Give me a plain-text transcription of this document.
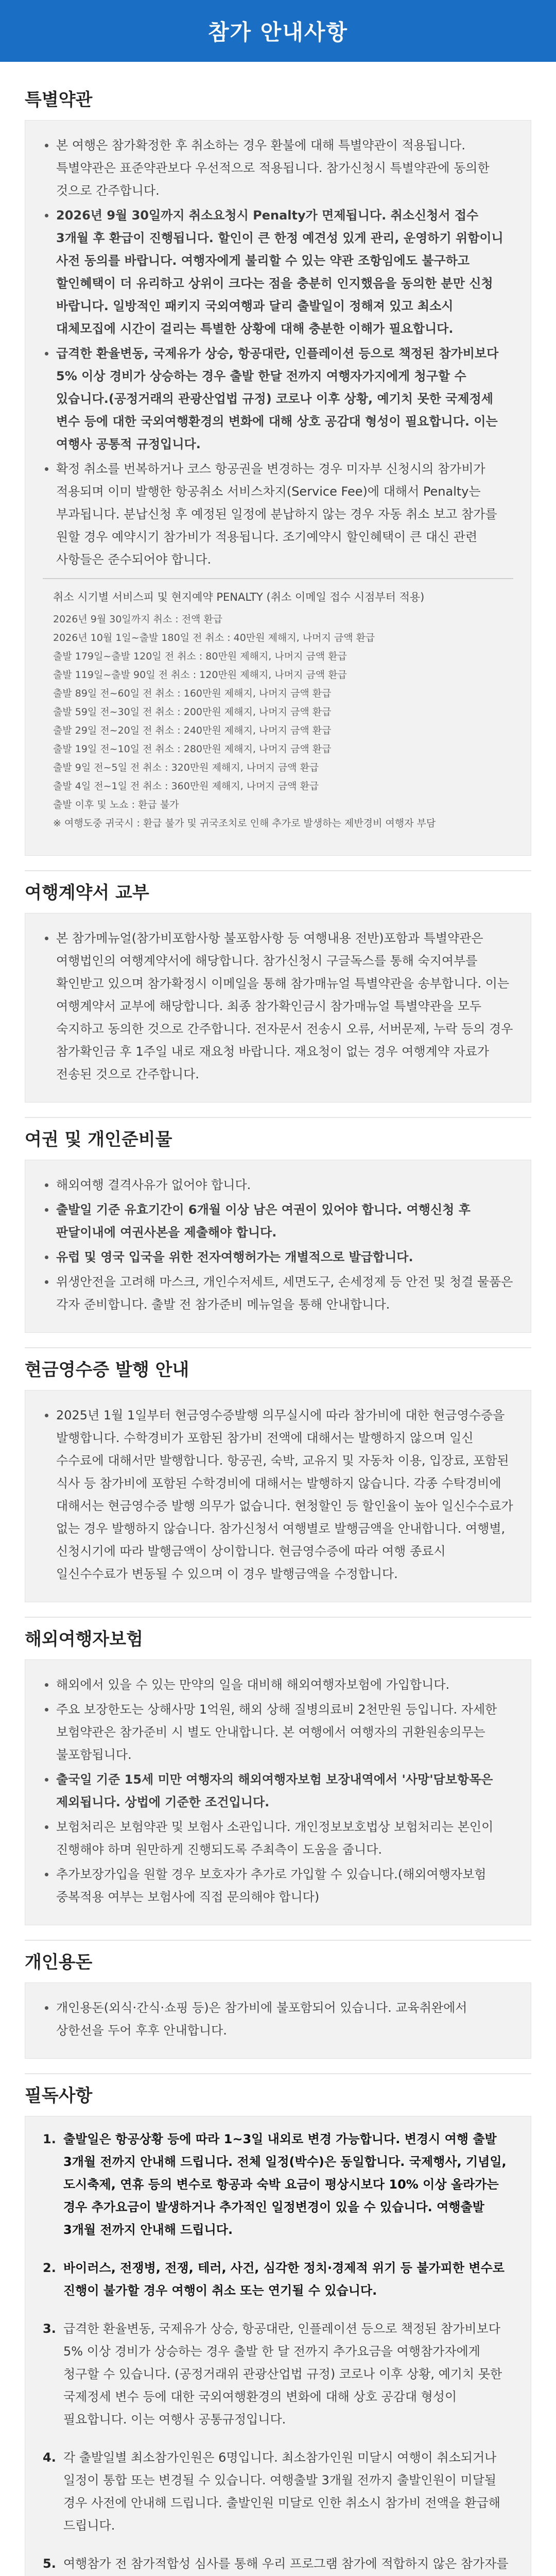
참가 안내사항
특별약관
본 여행은 참가확정한 후 취소하는 경우 환불에 대해 특별약관이 적용됩니다. 특별약관은 표준약관보다 우선적으로 적용됩니다. 참가신청시 특별약관에 동의한 것으로 간주합니다.
2026년 9월 30일까지 취소요청시 Penalty가 면제됩니다. 취소신청서 접수 3개월 후 환급이 진행됩니다. 할인이 큰 한정 예견성 있게 관리, 운영하기 위함이니 사전 동의를 바랍니다. 여행자에게 불리할 수 있는 약관 조항임에도 불구하고 할인혜택이 더 유리하고 상위이 크다는 점을 충분히 인지했음을 동의한 분만 신청 바랍니다. 일방적인 패키지 국외여행과 달리 출발일이 정해져 있고 최소시 대체모집에 시간이 걸리는 특별한 상황에 대해 충분한 이해가 필요합니다.
급격한 환율변동, 국제유가 상승, 항공대란, 인플레이션 등으로 책정된 참가비보다 5% 이상 경비가 상승하는 경우 출발 한달 전까지 여행자가지에게 청구할 수 있습니다.(공정거래의 관광산업법 규정) 코로나 이후 상황, 예기치 못한 국제정세 변수 등에 대한 국외여행환경의 변화에 대해 상호 공감대 형성이 필요합니다. 이는 여행사 공통적 규정입니다.
확정 취소를 번복하거나 코스 항공권을 변경하는 경우 미자부 신청시의 참가비가 적용되며 이미 발행한 항공취소 서비스차지(Service Fee)에 대해서 Penalty는 부과됩니다. 분납신청 후 예정된 일정에 분납하지 않는 경우 자동 취소 보고 참가를 원할 경우 예약시기 참가비가 적용됩니다. 조기예약시 할인혜택이 큰 대신 관련 사항들은 준수되어야 합니다.
취소 시기별 서비스피 및 현지예약 PENALTY (취소 이메일 접수 시점부터 적용)
2026년 9월 30일까지 취소 : 전액 환급
2026년 10월 1일~출발 180일 전 취소 : 40만원 제해지, 나머지 금액 환급
출발 179일~출발 120일 전 취소 : 80만원 제해지, 나머지 금액 환급
출발 119일~출발 90일 전 취소 : 120만원 제해지, 나머지 금액 환급
출발 89일 전~60일 전 취소 : 160만원 제해지, 나머지 금액 환급
출발 59일 전~30일 전 취소 : 200만원 제해지, 나머지 금액 환급
출발 29일 전~20일 전 취소 : 240만원 제해지, 나머지 금액 환급
출발 19일 전~10일 전 취소 : 280만원 제해지, 나머지 금액 환급
출발 9일 전~5일 전 취소 : 320만원 제해지, 나머지 금액 환급
출발 4일 전~1일 전 취소 : 360만원 제해지, 나머지 금액 환급
출발 이후 및 노쇼 : 환급 불가
※ 여행도중 귀국시 : 환급 불가 및 귀국조치로 인해 추가로 발생하는 제반경비 여행자 부담
여행계약서 교부
본 참가메뉴얼(참가비포함사항 불포함사항 등 여행내용 전반)포함과 특별약관은 여행법인의 여행계약서에 해당합니다. 참가신청시 구글독스를 통해 숙지여부를 확인받고 있으며 참가확정시 이메일을 통해 참가매뉴얼 특별약관을 송부합니다. 이는 여행계약서 교부에 해당합니다. 최종 참가확인금시 참가매뉴얼 특별약관을 모두 숙지하고 동의한 것으로 간주합니다. 전자문서 전송시 오류, 서버문제, 누락 등의 경우 참가확인금 후 1주일 내로 재요청 바랍니다. 재요청이 없는 경우 여행계약 자료가 전송된 것으로 간주합니다.
여권 및 개인준비물
해외여행 결격사유가 없어야 합니다.
출발일 기준 유효기간이 6개월 이상 남은 여권이 있어야 합니다. 여행신청 후 판달이내에 여권사본을 제출해야 합니다.
유럽 및 영국 입국을 위한 전자여행허가는 개별적으로 발급합니다.
위생안전을 고려해 마스크, 개인수저세트, 세면도구, 손세정제 등 안전 및 청결 물품은 각자 준비합니다. 출발 전 참가준비 메뉴얼을 통해 안내합니다.
현금영수증 발행 안내
2025년 1월 1일부터 현금영수증발행 의무실시에 따라 참가비에 대한 현금영수증을 발행합니다. 수학경비가 포함된 참가비 전액에 대해서는 발행하지 않으며 일신 수수료에 대해서만 발행합니다. 항공권, 숙박, 교유지 및 자동차 이용, 입장료, 포함된 식사 등 참가비에 포함된 수학경비에 대해서는 발행하지 않습니다. 각종 수탁경비에 대해서는 현금영수증 발행 의무가 없습니다. 현청할인 등 할인율이 높아 일신수수료가 없는 경우 발행하지 않습니다. 참가신청서 여행별로 발행금액을 안내합니다. 여행별, 신청시기에 따라 발행금액이 상이합니다. 현금영수증에 따라 여행 종료시 일신수수료가 변동될 수 있으며 이 경우 발행금액을 수정합니다.
해외여행자보험
해외에서 있을 수 있는 만약의 일을 대비해 해외여행자보험에 가입합니다.
주요 보장한도는 상해사망 1억원, 해외 상해 질병의료비 2천만원 등입니다. 자세한 보험약관은 참가준비 시 별도 안내합니다. 본 여행에서 여행자의 귀환원송의무는 불포함됩니다.
출국일 기준 15세 미만 여행자의 해외여행자보험 보장내역에서 '사망'담보항목은 제외됩니다. 상법에 기준한 조건입니다.
보험처리은 보험약관 및 보험사 소관입니다. 개인정보보호법상 보험처리는 본인이 진행해야 하며 원만하게 진행되도록 주최측이 도움을 줍니다.
추가보장가입을 원할 경우 보호자가 추가로 가입할 수 있습니다.(해외여행자보험 중복적용 여부는 보험사에 직접 문의해야 합니다)
개인용돈
개인용돈(외식·간식·쇼핑 등)은 참가비에 불포함되어 있습니다. 교육취완에서 상한선을 두어 후후 안내합니다.
필독사항
1. 출발일은 항공상황 등에 따라 1~3일 내외로 변경 가능합니다. 변경시 여행 출발 3개월 전까지 안내해 드립니다. 전체 일정(박수)은 동일합니다. 국제행사, 기념일, 도시축제, 연휴 등의 변수로 항공과 숙박 요금이 평상시보다 10% 이상 올라가는 경우 추가요금이 발생하거나 추가적인 일정변경이 있을 수 있습니다. 여행출발 3개월 전까지 안내해 드립니다.
2. 바이러스, 전쟁병, 전쟁, 테러, 사건, 심각한 정치·경제적 위기 등 불가피한 변수로 진행이 불가할 경우 여행이 취소 또는 연기될 수 있습니다.
3. 급격한 환율변동, 국제유가 상승, 항공대란, 인플레이션 등으로 책정된 참가비보다 5% 이상 경비가 상승하는 경우 출발 한 달 전까지 추가요금을 여행참가자에게 청구할 수 있습니다. (공정거래위 관광산업법 규정) 코로나 이후 상황, 예기치 못한 국제정세 변수 등에 대한 국외여행환경의 변화에 대해 상호 공감대 형성이 필요합니다. 이는 여행사 공통규정입니다.
4. 각 출발일별 최소참가인원은 6명입니다. 최소참가인원 미달시 여행이 취소되거나 일정이 통합 또는 변경될 수 있습니다. 여행출발 3개월 전까지 출발인원이 미달될 경우 사전에 안내해 드립니다. 출발인원 미달로 인한 취소시 참가비 전액을 환급해 드립니다.
5. 여행참가 전 참가적합성 심사를 통해 우리 프로그램 참가에 적합하지 않은 참가자를
